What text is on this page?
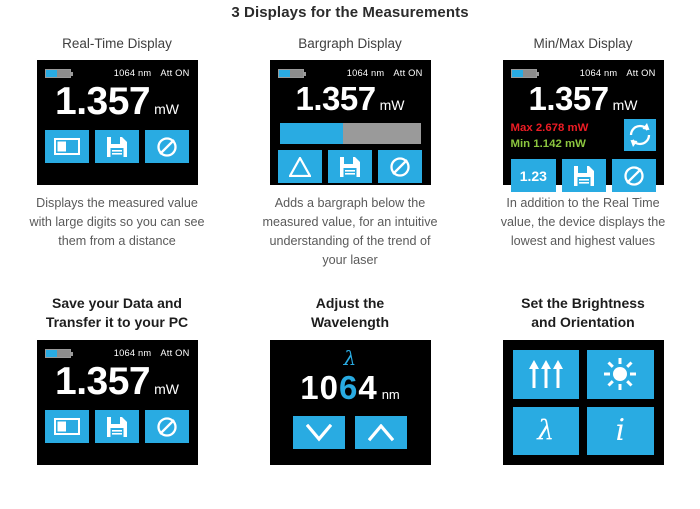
3 Displays for the Measurements
Real-Time Display
1064 nm Att ON
1.357 mW
Displays the measured value with large digits so you can see them from a distance
Bargraph Display
1064 nm Att ON
1.357 mW
Adds a bargraph below the measured value, for an intuitive understanding of the trend of your laser
Min/Max Display
1064 nm Att ON
1.357 mW
Max 2.678 mW
Min 1.142 mW
1.23
In addition to the Real Time value, the device displays the lowest and highest values
Save your Data and
Transfer it to your PC
1064 nm Att ON
1.357 mW
Adjust the
Wavelength
λ
1 0 6 4 nm
Set the Brightness
and Orientation
λ i
